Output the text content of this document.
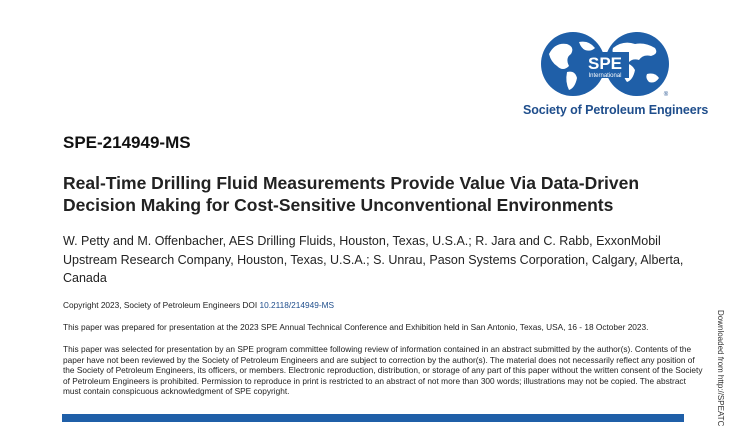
SPE
International
®
Society of Petroleum Engineers
SPE-214949-MS
Real-Time Drilling Fluid Measurements Provide Value Via Data-Driven Decision Making for Cost-Sensitive Unconventional Environments
W. Petty and M. Offenbacher, AES Drilling Fluids, Houston, Texas, U.S.A.; R. Jara and C. Rabb, ExxonMobil Upstream Research Company, Houston, Texas, U.S.A.; S. Unrau, Pason Systems Corporation, Calgary, Alberta, Canada
Copyright 2023, Society of Petroleum Engineers DOI 10.2118/214949-MS
This paper was prepared for presentation at the 2023 SPE Annual Technical Conference and Exhibition held in San Antonio, Texas, USA, 16 - 18 October 2023.
This paper was selected for presentation by an SPE program committee following review of information contained in an abstract submitted by the author(s). Contents of the paper have not been reviewed by the Society of Petroleum Engineers and are subject to correction by the author(s). The material does not necessarily reflect any position of the Society of Petroleum Engineers, its officers, or members. Electronic reproduction, distribution, or storage of any part of this paper without the written consent of the Society of Petroleum Engineers is prohibited. Permission to reproduce in print is restricted to an abstract of not more than 300 words; illustrations may not be copied. The abstract must contain conspicuous acknowledgment of SPE copyright.	Downloaded from http://SPEATC
